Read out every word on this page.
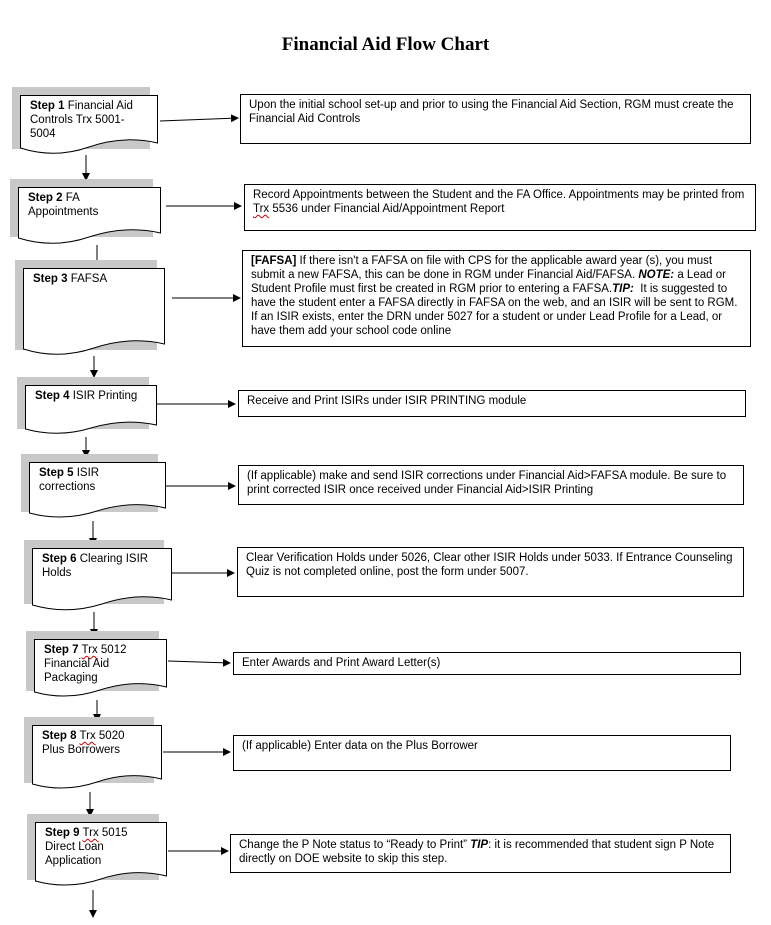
Financial Aid Flow Chart
Step 1 Financial Aid Controls Trx 5001-5004
Step 2 FA Appointments
Step 3 FAFSA
Step 4 ISIR Printing
Step 5 ISIR corrections
Step 6 Clearing ISIR Holds
Step 7 Trx 5012
Financial Aid
Packaging
Step 8 Trx 5020
Plus Borrowers
Step 9 Trx 5015
Direct Loan
Application
Upon the initial school set-up and prior to using the Financial Aid Section, RGM must create the Financial Aid Controls
Record Appointments between the Student and the FA Office. Appointments may be printed from Trx 5536 under Financial Aid/Appointment Report
[FAFSA] If there isn't a FAFSA on file with CPS for the applicable award year (s), you must submit a new FAFSA, this can be done in RGM under Financial Aid/FAFSA. NOTE: a Lead or Student Profile must first be created in RGM prior to entering a FAFSA.TIP:  It is suggested to have the student enter a FAFSA directly in FAFSA on the web, and an ISIR will be sent to RGM. If an ISIR exists, enter the DRN under 5027 for a student or under Lead Profile for a Lead, or have them add your school code online
Receive and Print ISIRs under ISIR PRINTING module
(If applicable) make and send ISIR corrections under Financial Aid>FAFSA module. Be sure to print corrected ISIR once received under Financial Aid>ISIR Printing
Clear Verification Holds under 5026, Clear other ISIR Holds under 5033. If Entrance Counseling Quiz is not completed online, post the form under 5007.
Enter Awards and Print Award Letter(s)
(If applicable) Enter data on the Plus Borrower
Change the P Note status to “Ready to Print” TIP: it is recommended that student sign P Note directly on DOE website to skip this step.
